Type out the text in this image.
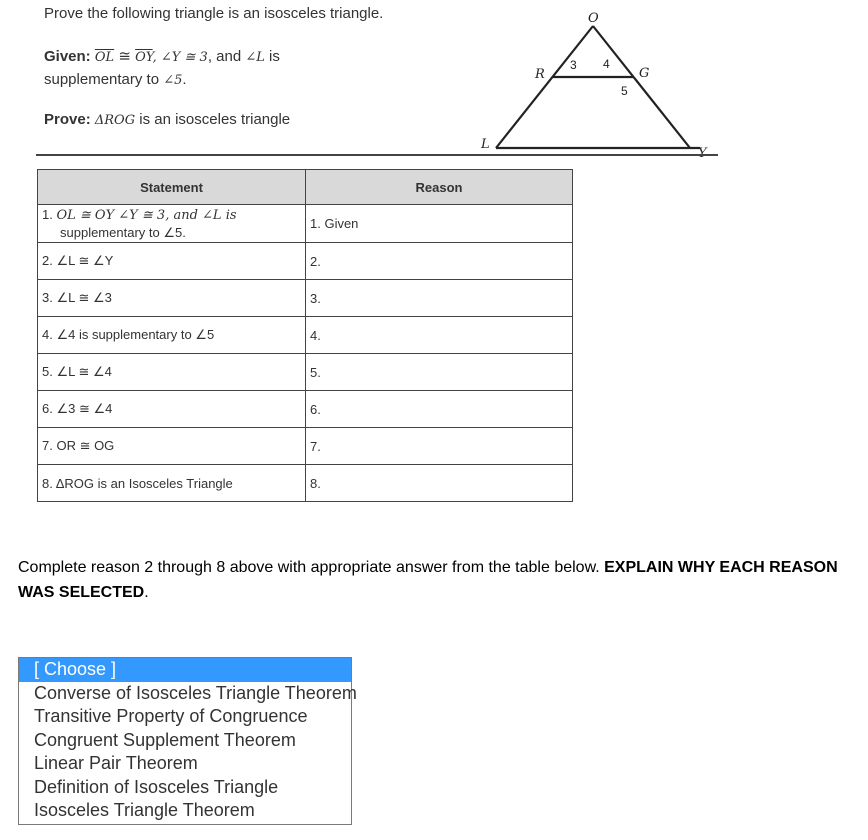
Prove the following triangle is an isosceles triangle.
Given: $\overline{OL}$ ≅ $\overline{OY}$, ∠Y ≅ 3, and ∠L is supplementary to ∠5.
Prove: ΔROG is an isosceles triangle
O
R	G
L
Y
3 4
5
Statement	Reason
1. OL ≅ OY ∠Y ≅ 3, and ∠L is
supplementary to ∠5.	1. Given
2. ∠L ≅ ∠Y	2.
3. ∠L ≅ ∠3	3.
4. ∠4 is supplementary to ∠5	4.
5. ∠L ≅ ∠4	5.
6. ∠3 ≅ ∠4	6.
7. OR ≅ OG	7.
8. ΔROG is an Isosceles Triangle	8.
Complete reason 2 through 8 above with appropriate answer from the table below. EXPLAIN WHY EACH REASON WAS SELECTED.
[ Choose ]
Converse of Isosceles Triangle Theorem
Transitive Property of Congruence
Congruent Supplement Theorem
Linear Pair Theorem
Definition of Isosceles Triangle
Isosceles Triangle Theorem
